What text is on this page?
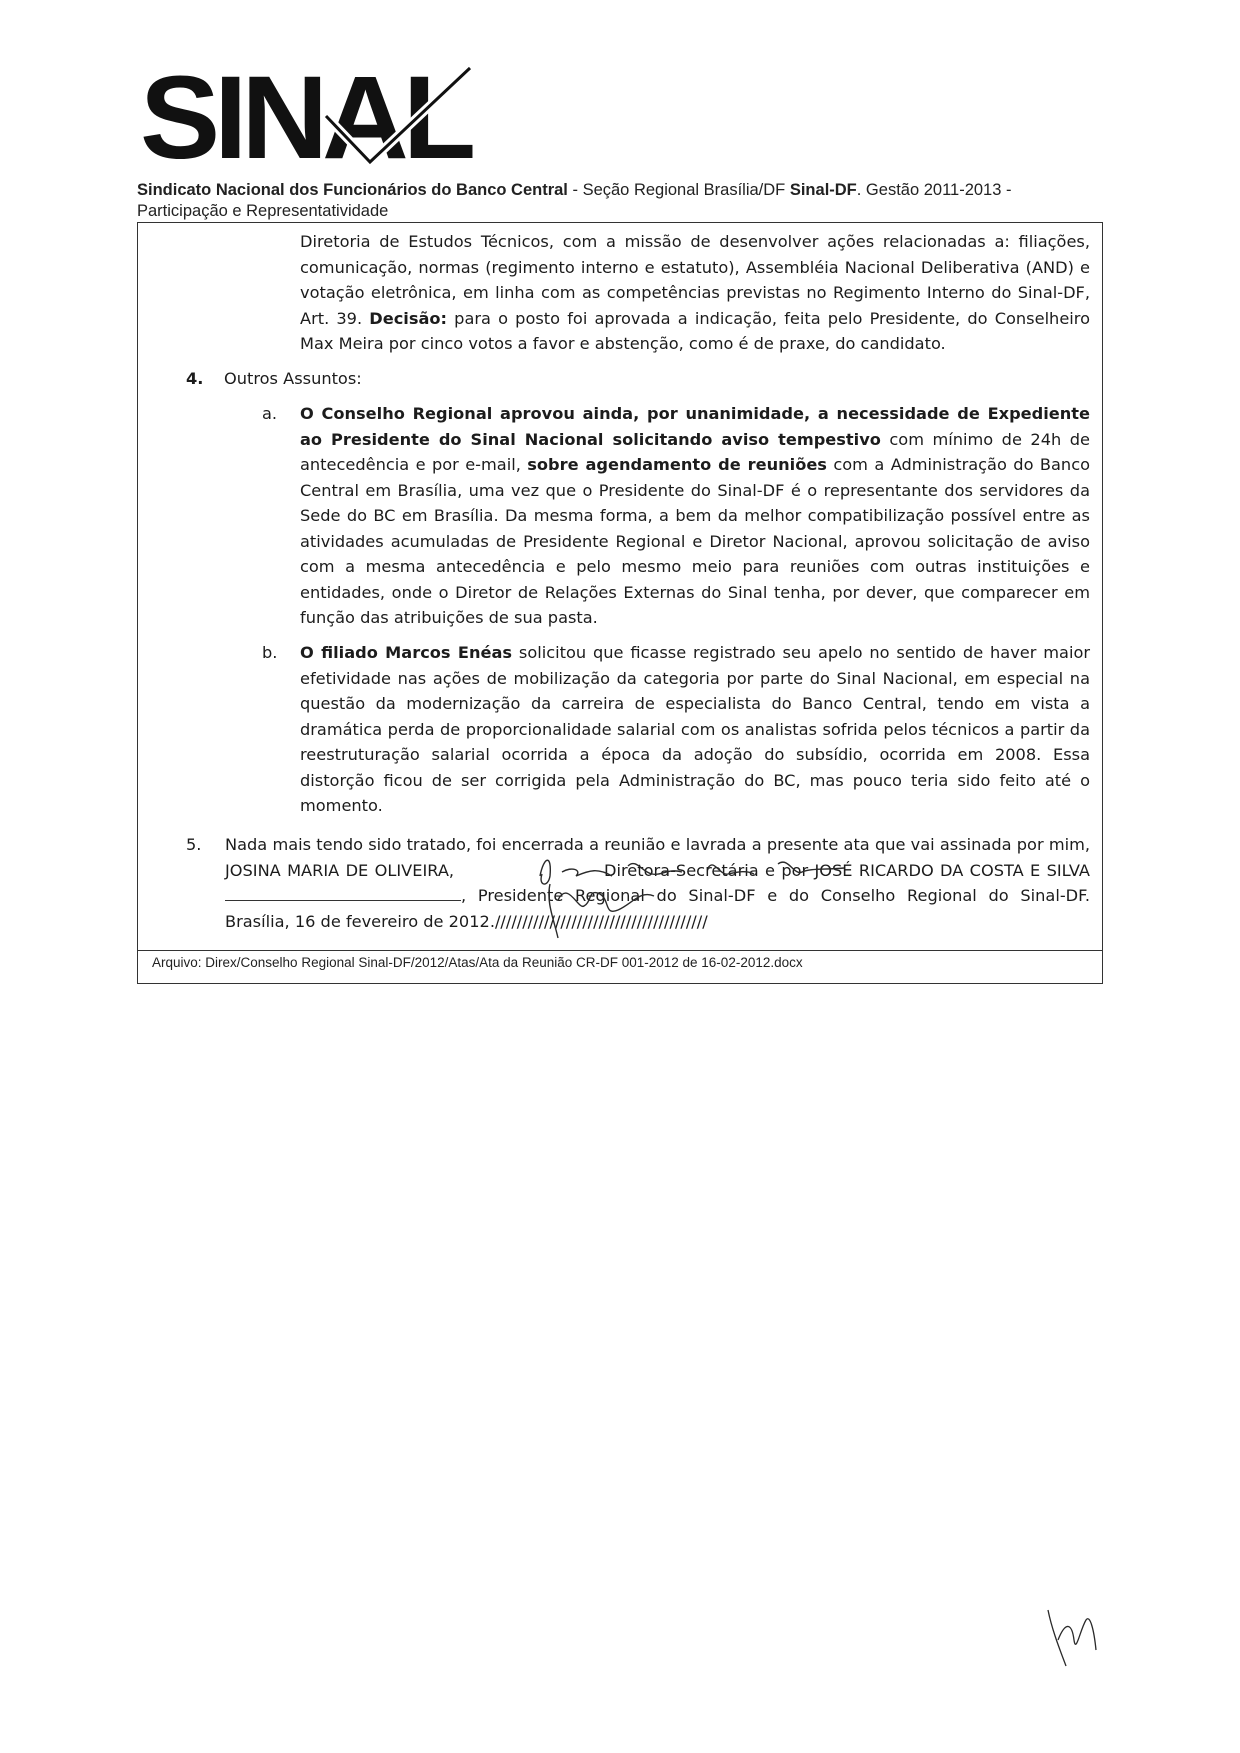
SINAL
Sindicato Nacional dos Funcionários do Banco Central - Seção Regional Brasília/DF Sinal-DF. Gestão 2011-2013 -
Participação e Representatividade
Diretoria de Estudos Técnicos, com a missão de desenvolver ações relacionadas a: filiações, comunicação, normas (regimento interno e estatuto), Assembléia Nacional Deliberativa (AND) e votação eletrônica, em linha com as competências previstas no Regimento Interno do Sinal-DF, Art. 39. Decisão: para o posto foi aprovada a indicação, feita pelo Presidente, do Conselheiro Max Meira por cinco votos a favor e abstenção, como é de praxe, do candidato.
4. Outros Assuntos:
a. O Conselho Regional aprovou ainda, por unanimidade, a necessidade de Expediente ao Presidente do Sinal Nacional solicitando aviso tempestivo com mínimo de 24h de antecedência e por e-mail, sobre agendamento de reuniões com a Administração do Banco Central em Brasília, uma vez que o Presidente do Sinal-DF é o representante dos servidores da Sede do BC em Brasília. Da mesma forma, a bem da melhor compatibilização possível entre as atividades acumuladas de Presidente Regional e Diretor Nacional, aprovou solicitação de aviso com a mesma antecedência e pelo mesmo meio para reuniões com outras instituições e entidades, onde o Diretor de Relações Externas do Sinal tenha, por dever, que comparecer em função das atribuições de sua pasta.
b. O filiado Marcos Enéas solicitou que ficasse registrado seu apelo no sentido de haver maior efetividade nas ações de mobilização da categoria por parte do Sinal Nacional, em especial na questão da modernização da carreira de especialista do Banco Central, tendo em vista a dramática perda de proporcionalidade salarial com os analistas sofrida pelos técnicos a partir da reestruturação salarial ocorrida a época da adoção do subsídio, ocorrida em 2008. Essa distorção ficou de ser corrigida pela Administração do BC, mas pouco teria sido feito até o momento.
5. Nada mais tendo sido tratado, foi encerrada a reunião e lavrada a presente ata que vai assinada por mim, JOSINA MARIA DE OLIVEIRA,	Diretora-Secretária e por JOSÉ RICARDO DA COSTA E SILVA , Presidente Regional do Sinal-DF e do Conselho Regional do Sinal-DF. Brasília, 16 de fevereiro de 2012.///////////////////////////////////////
Arquivo: Direx/Conselho Regional Sinal-DF/2012/Atas/Ata da Reunião CR-DF 001-2012 de 16-02-2012.docx
